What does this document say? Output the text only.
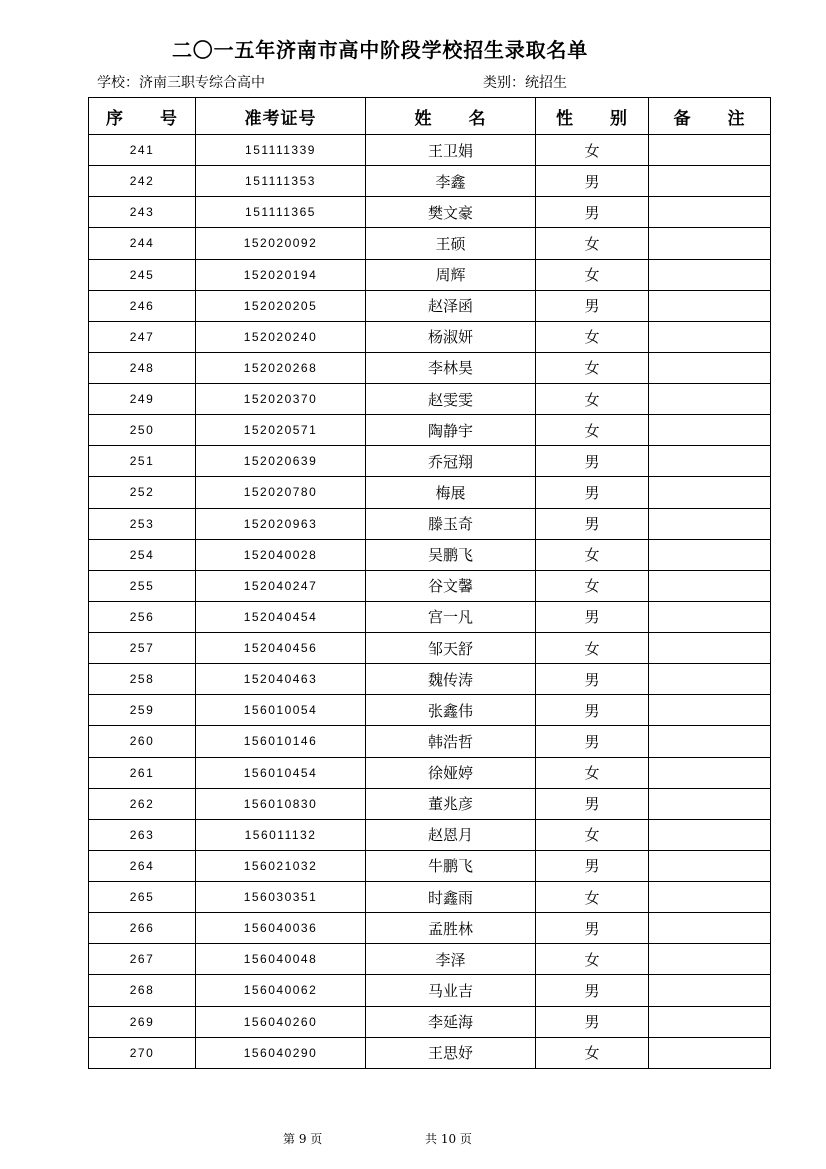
二〇一五年济南市高中阶段学校招生录取名单
学校：济南三职专综合高中	类别：统招生
序　　号	准考证号	姓　　名	性　　别	备　　注
241	151111339	王卫娟	女
242	151111353	李鑫	男
243	151111365	樊文豪	男
244	152020092	王硕	女
245	152020194	周辉	女
246	152020205	赵泽函	男
247	152020240	杨淑妍	女
248	152020268	李林昊	女
249	152020370	赵雯雯	女
250	152020571	陶静宇	女
251	152020639	乔冠翔	男
252	152020780	梅展	男
253	152020963	滕玉奇	男
254	152040028	吴鹏飞	女
255	152040247	谷文馨	女
256	152040454	宫一凡	男
257	152040456	邹天舒	女
258	152040463	魏传涛	男
259	156010054	张鑫伟	男
260	156010146	韩浩哲	男
261	156010454	徐娅婷	女
262	156010830	董兆彦	男
263	156011132	赵恩月	女
264	156021032	牛鹏飞	男
265	156030351	时鑫雨	女
266	156040036	孟胜林	男
267	156040048	李泽	女
268	156040062	马业吉	男
269	156040260	李延海	男
270	156040290	王思妤	女
第 9 页	共 10 页
